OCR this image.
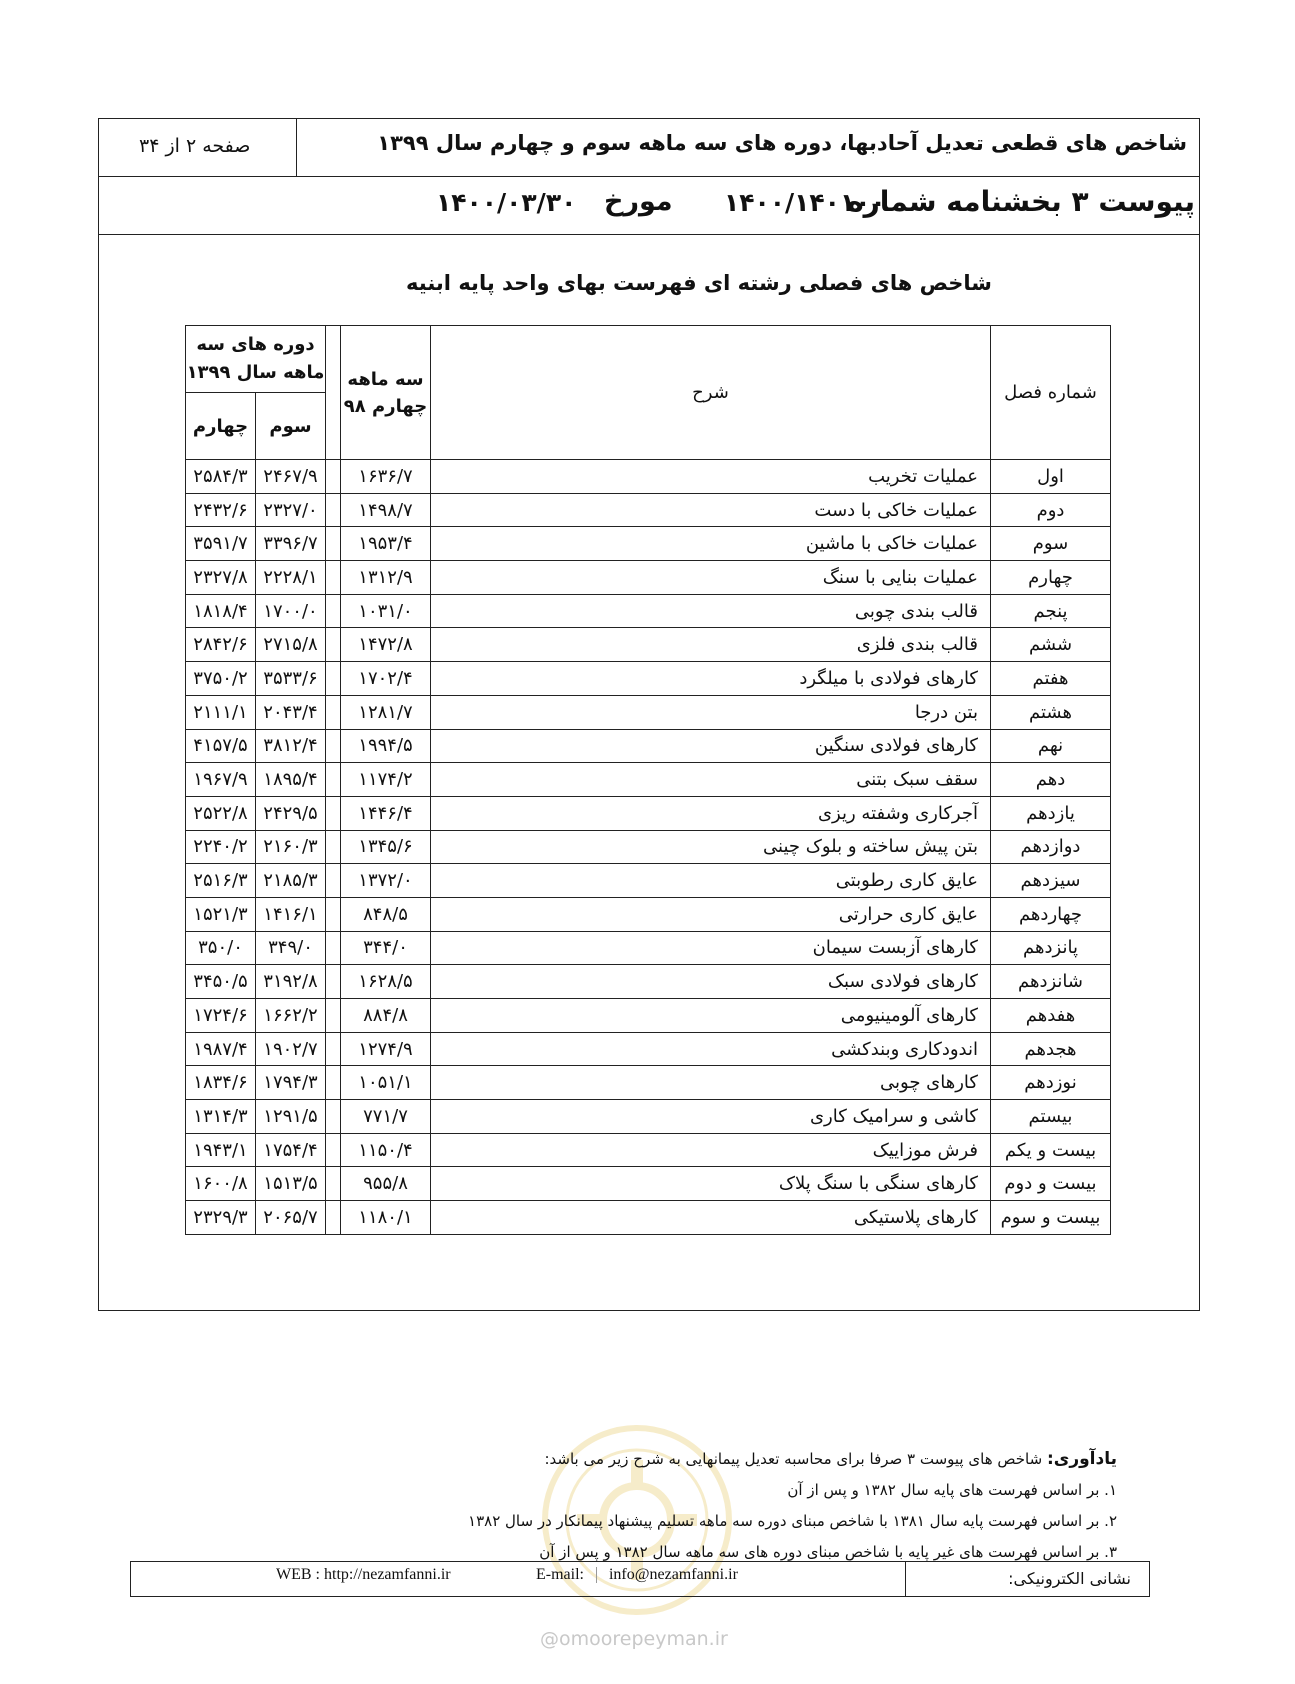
شاخص های قطعی تعدیل آحادبها، دوره های سه ماهه سوم و چهارم سال ۱۳۹۹
صفحه ۲ از ۳۴
پیوست ۳ بخشنامه شماره
۱۴۰۰/۱۴۰۱۰۰
مورخ
۱۴۰۰/۰۳/۳۰
شاخص های فصلی رشته ای فهرست بهای واحد پایه ابنیه
شماره فصل	شرح	سه ماهه چهارم ۹۸		دوره های سه ماهه سال ۱۳۹۹	
				سوم	چهارم
اول	عملیات تخریب	۱۶۳۶/۷		۲۴۶۷/۹	۲۵۸۴/۳
دوم	عملیات خاکی با دست	۱۴۹۸/۷		۲۳۲۷/۰	۲۴۳۲/۶
سوم	عملیات خاکی با ماشین	۱۹۵۳/۴		۳۳۹۶/۷	۳۵۹۱/۷
چهارم	عملیات بنایی با سنگ	۱۳۱۲/۹		۲۲۲۸/۱	۲۳۲۷/۸
پنجم	قالب بندی چوبی	۱۰۳۱/۰		۱۷۰۰/۰	۱۸۱۸/۴
ششم	قالب بندی فلزی	۱۴۷۲/۸		۲۷۱۵/۸	۲۸۴۲/۶
هفتم	کارهای فولادی با میلگرد	۱۷۰۲/۴		۳۵۳۳/۶	۳۷۵۰/۲
هشتم	بتن درجا	۱۲۸۱/۷		۲۰۴۳/۴	۲۱۱۱/۱
نهم	کارهای فولادی سنگین	۱۹۹۴/۵		۳۸۱۲/۴	۴۱۵۷/۵
دهم	سقف سبک بتنی	۱۱۷۴/۲		۱۸۹۵/۴	۱۹۶۷/۹
یازدهم	آجرکاری وشفته ریزی	۱۴۴۶/۴		۲۴۲۹/۵	۲۵۲۲/۸
دوازدهم	بتن پیش ساخته و بلوک چینی	۱۳۴۵/۶		۲۱۶۰/۳	۲۲۴۰/۲
سیزدهم	عایق کاری رطوبتی	۱۳۷۲/۰		۲۱۸۵/۳	۲۵۱۶/۳
چهاردهم	عایق کاری حرارتی	۸۴۸/۵		۱۴۱۶/۱	۱۵۲۱/۳
پانزدهم	کارهای آزبست سیمان	۳۴۴/۰		۳۴۹/۰	۳۵۰/۰
شانزدهم	کارهای فولادی سبک	۱۶۲۸/۵		۳۱۹۲/۸	۳۴۵۰/۵
هفدهم	کارهای آلومینیومی	۸۸۴/۸		۱۶۶۲/۲	۱۷۲۴/۶
هجدهم	اندودکاری وبندکشی	۱۲۷۴/۹		۱۹۰۲/۷	۱۹۸۷/۴
نوزدهم	کارهای چوبی	۱۰۵۱/۱		۱۷۹۴/۳	۱۸۳۴/۶
بیستم	کاشی و سرامیک کاری	۷۷۱/۷		۱۲۹۱/۵	۱۳۱۴/۳
بیست و یکم	فرش موزاییک	۱۱۵۰/۴		۱۷۵۴/۴	۱۹۴۳/۱
بیست و دوم	کارهای سنگی با سنگ پلاک	۹۵۵/۸		۱۵۱۳/۵	۱۶۰۰/۸
بیست و سوم	کارهای پلاستیکی	۱۱۸۰/۱		۲۰۶۵/۷	۲۳۲۹/۳
یادآوری: شاخص های پیوست ۳ صرفا برای محاسبه تعدیل پیمانهایی به شرح زیر می باشد:
۱. بر اساس فهرست های پایه سال ۱۳۸۲ و پس از آن
۲. بر اساس فهرست پایه سال ۱۳۸۱ با شاخص مبنای دوره سه ماهه تسلیم پیشنهاد پیمانکار در سال ۱۳۸۲
۳. بر اساس فهرست های غیر پایه با شاخص مبنای دوره های سه ماهه سال ۱۳۸۲ و پس از آن
نشانی الکترونیکی:
WEB : http://nezamfanni.ir	E-mail: info@nezamfanni.ir
@omoorepeyman.ir
